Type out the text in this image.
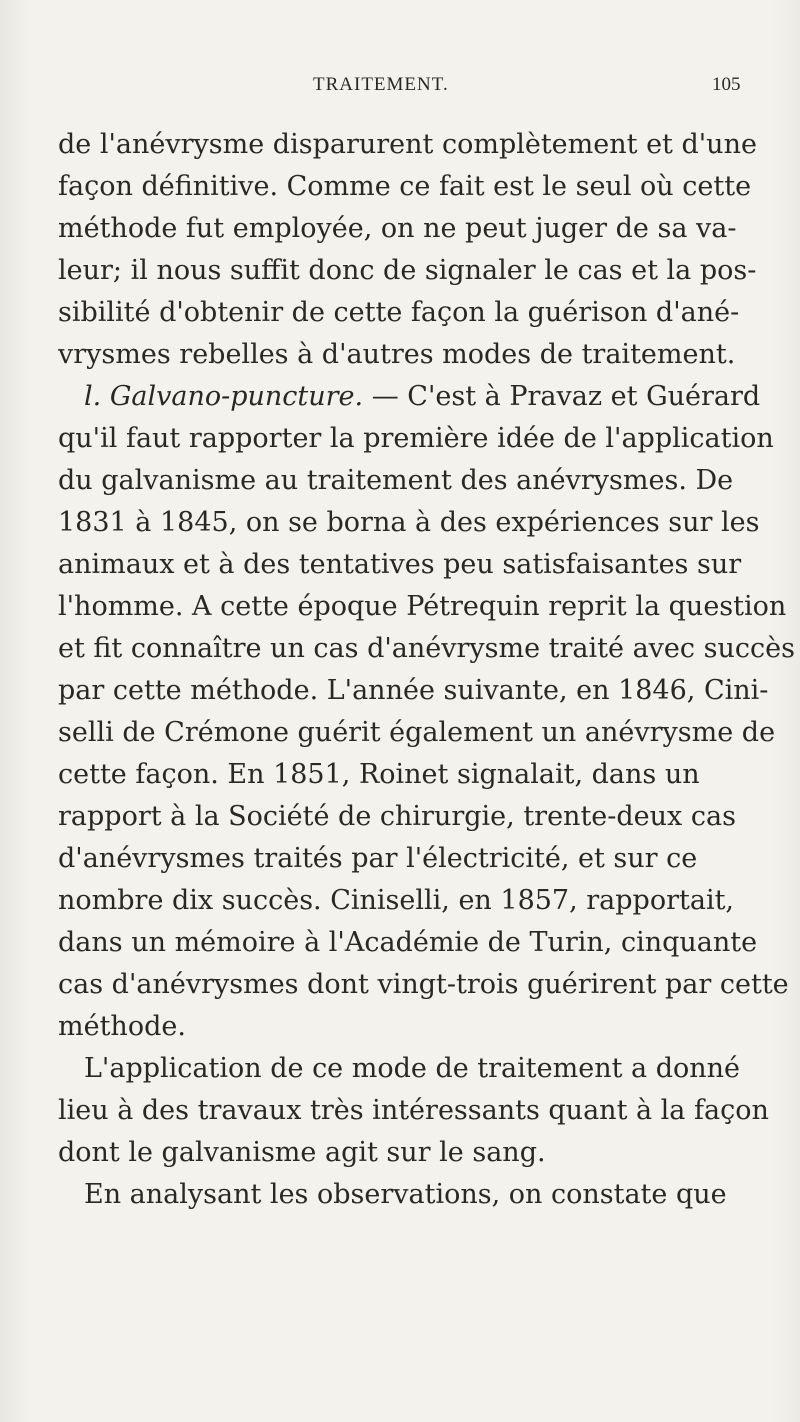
TRAITEMENT.	105
de l'anévrysme disparurent complètement et d'une
façon définitive. Comme ce fait est le seul où cette
méthode fut employée, on ne peut juger de sa va-
leur; il nous suffit donc de signaler le cas et la pos-
sibilité d'obtenir de cette façon la guérison d'ané-
vrysmes rebelles à d'autres modes de traitement.
l. Galvano-puncture. — C'est à Pravaz et Guérard
qu'il faut rapporter la première idée de l'application
du galvanisme au traitement des anévrysmes. De
1831 à 1845, on se borna à des expériences sur les
animaux et à des tentatives peu satisfaisantes sur
l'homme. A cette époque Pétrequin reprit la question
et fit connaître un cas d'anévrysme traité avec succès
par cette méthode. L'année suivante, en 1846, Cini-
selli de Crémone guérit également un anévrysme de
cette façon. En 1851, Roinet signalait, dans un
rapport à la Société de chirurgie, trente-deux cas
d'anévrysmes traités par l'électricité, et sur ce
nombre dix succès. Ciniselli, en 1857, rapportait,
dans un mémoire à l'Académie de Turin, cinquante
cas d'anévrysmes dont vingt-trois guérirent par cette
méthode.
L'application de ce mode de traitement a donné
lieu à des travaux très intéressants quant à la façon
dont le galvanisme agit sur le sang.
En analysant les observations, on constate que
